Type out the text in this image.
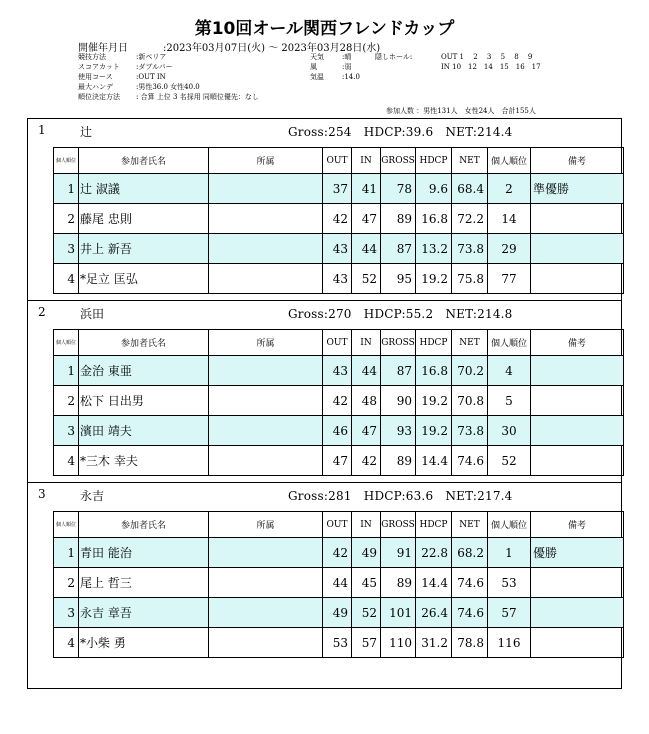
第10回オール関西フレンドカップ
開催年月日	:2023年03月07日(火) ～ 2023年03月28日(水)
競技方法	:新ペリア
スコアカット :ダブルパー
使用コース	:OUT IN
最大ハンデ	:男性36.0 女性40.0
順位決定方法 : 合算 上位 3 名採用 同順位優先：なし
天気	:晴
風	:弱
気温	:14.0
隠しホール:	OUT 1　 2　 3　 5　 8　 9
IN 10　12　14　15　16　17
参加人数 ：男性131人　女性24人　合計155人
1	辻	Gross:254　HDCP:39.6　NET:214.4
個人順位	参加者氏名	所属	OUT	IN	GROSS	HDCP	NET	個人順位	備考
1	辻 淑議		37	41	78	9.6	68.4	2	準優勝
2	藤尾 忠則		42	47	89	16.8	72.2	14	
3	井上 新吾		43	44	87	13.2	73.8	29	
4	*足立 匡弘		43	52	95	19.2	75.8	77	
2	浜田	Gross:270　HDCP:55.2　NET:214.8
個人順位	参加者氏名	所属	OUT	IN	GROSS	HDCP	NET	個人順位	備考
1	金治 東亜		43	44	87	16.8	70.2	4	
2	松下 日出男		42	48	90	19.2	70.8	5	
3	濱田 靖夫		46	47	93	19.2	73.8	30	
4	*三木 幸夫		47	42	89	14.4	74.6	52	
3	永吉	Gross:281　HDCP:63.6　NET:217.4
個人順位	参加者氏名	所属	OUT	IN	GROSS	HDCP	NET	個人順位	備考
1	青田 能治		42	49	91	22.8	68.2	1	優勝
2	尾上 哲三		44	45	89	14.4	74.6	53	
3	永吉 章吾		49	52	101	26.4	74.6	57	
4	*小柴 勇		53	57	110	31.2	78.8	116	
